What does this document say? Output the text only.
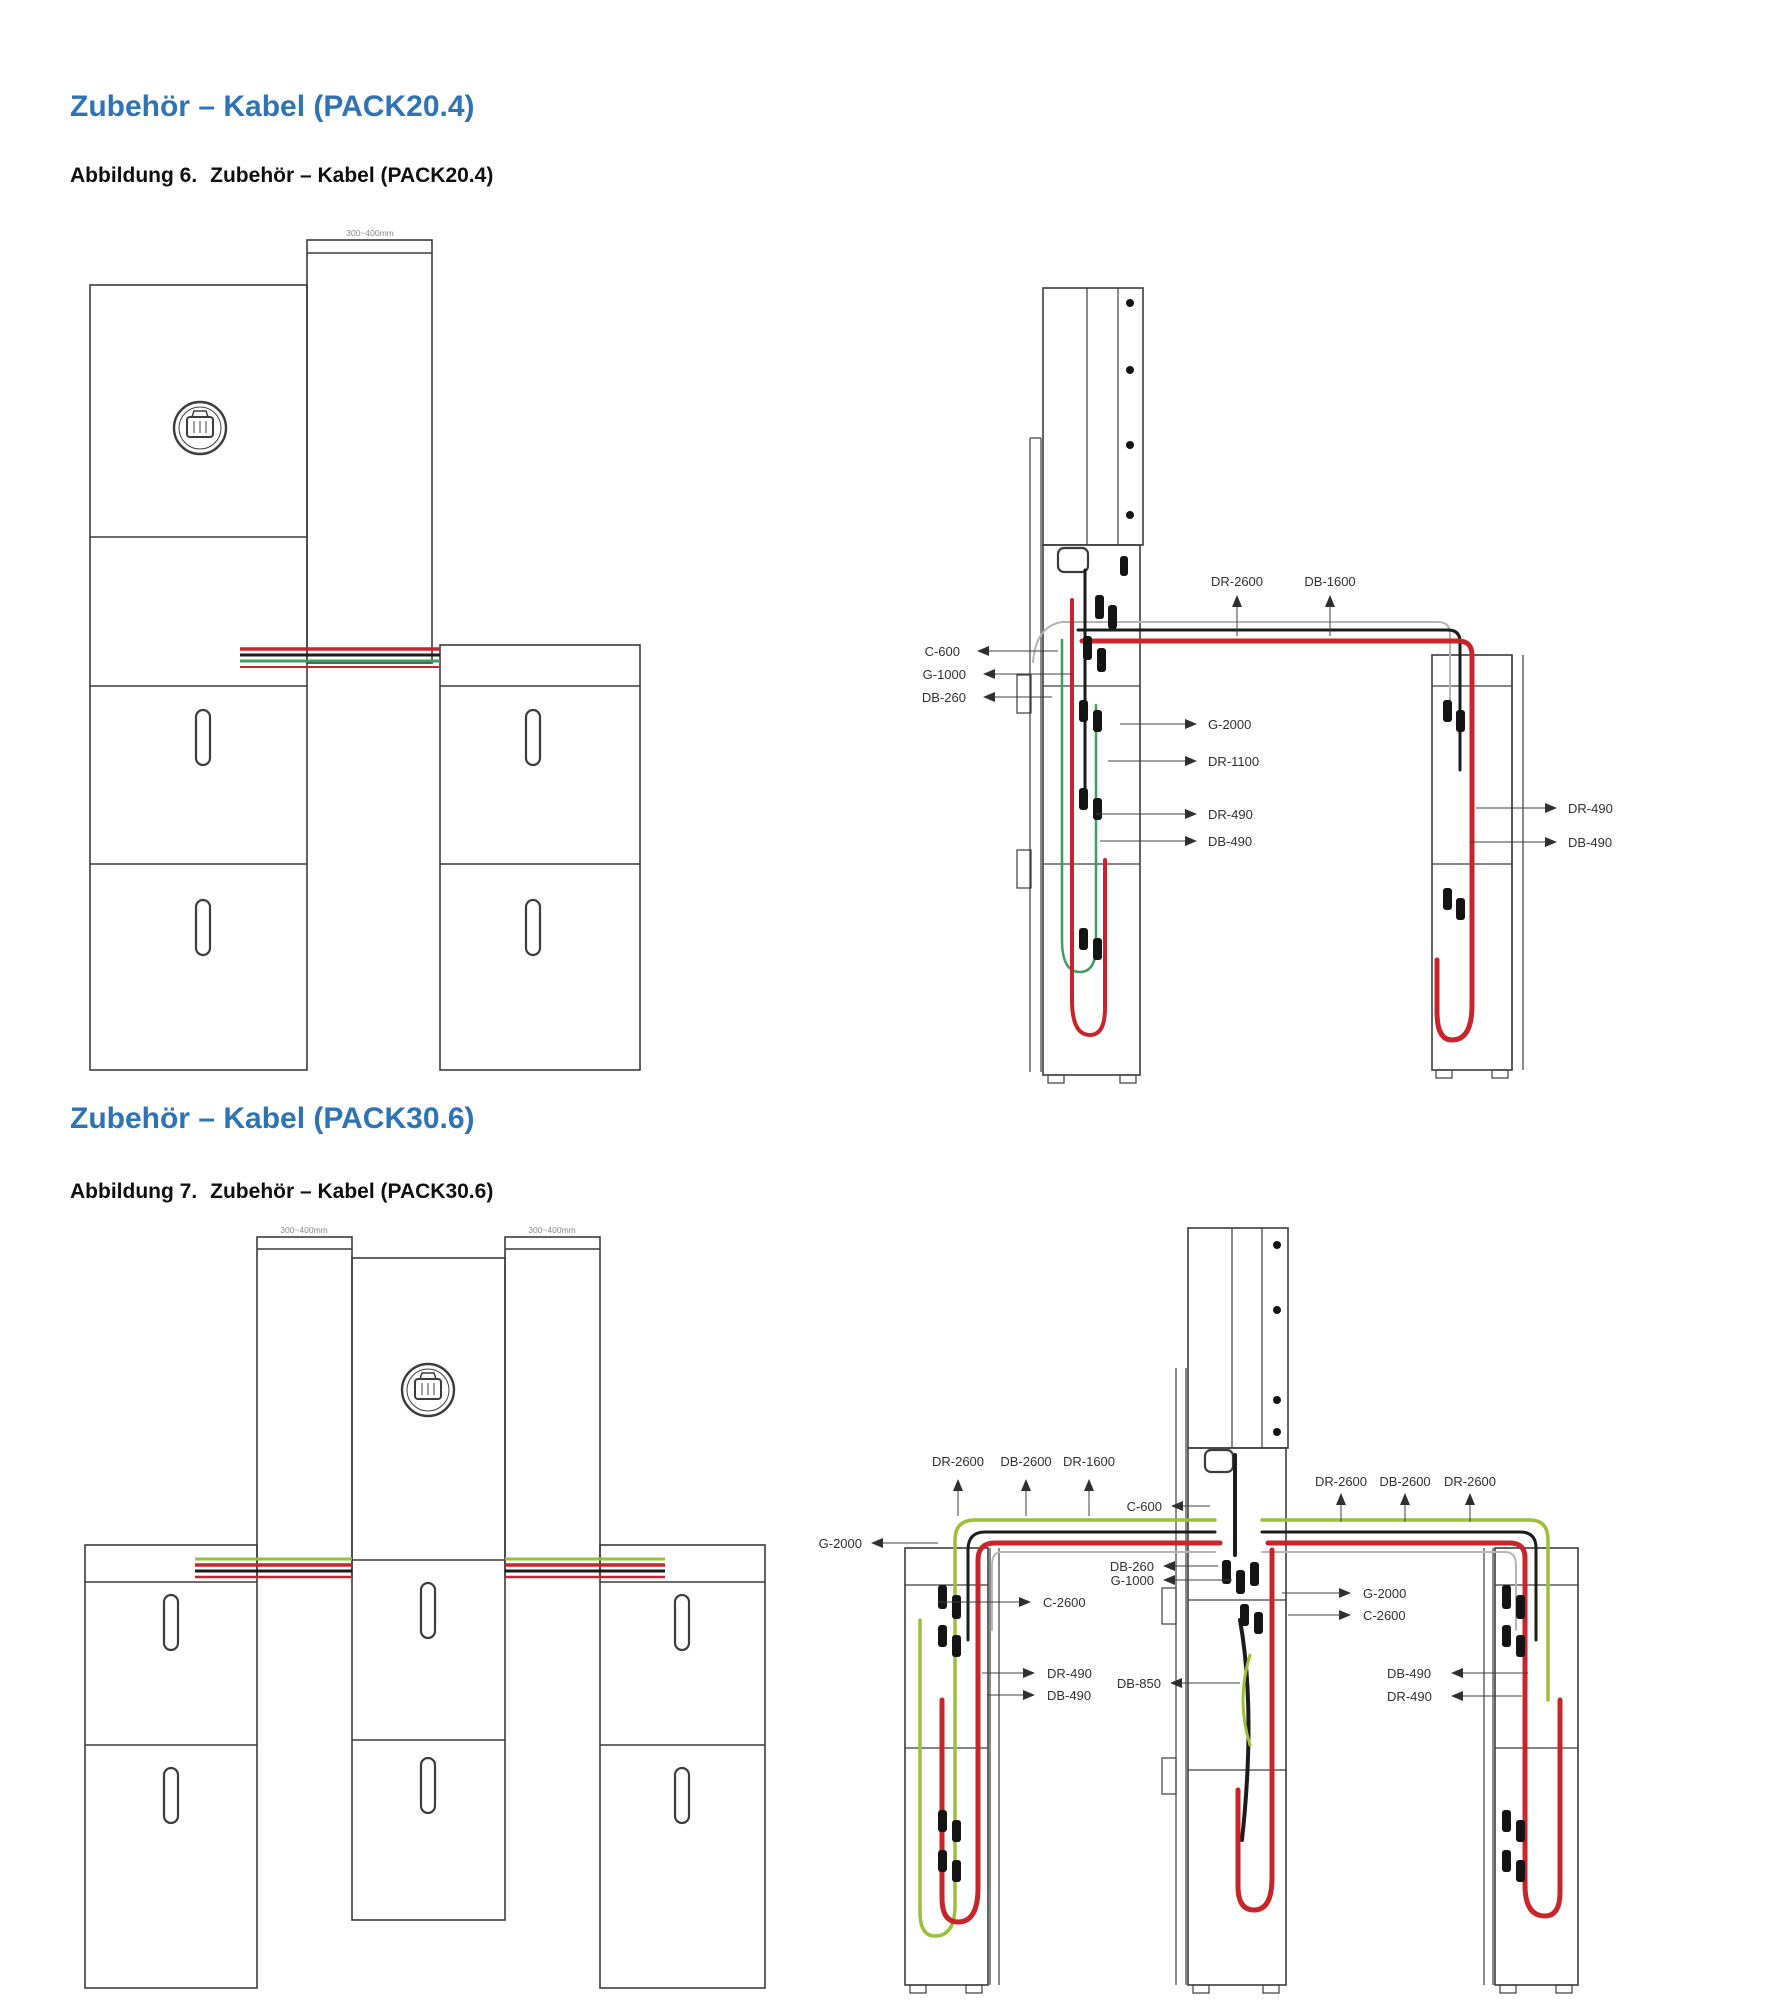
Zubehör – Kabel (PACK20.4)

Abbildung 6. Zubehör – Kabel (PACK20.4)

300~400mm
DR-2600	DB-1600
C-600
G-1000
DB-260
G-2000
DR-1100
DR-490
DB-490
DR-490
DB-490
Zubehör – Kabel (PACK30.6)

Abbildung 7. Zubehör – Kabel (PACK30.6)

300~400mm	300~400mm
DR-2600 DB-2600 DR-1600
DR-2600 DB-2600 DR-2600
C-600
G-2000
DB-260
G-1000
C-2600
G-2000
C-2600
DR-490
DB-490
DB-850
DB-490
DR-490
